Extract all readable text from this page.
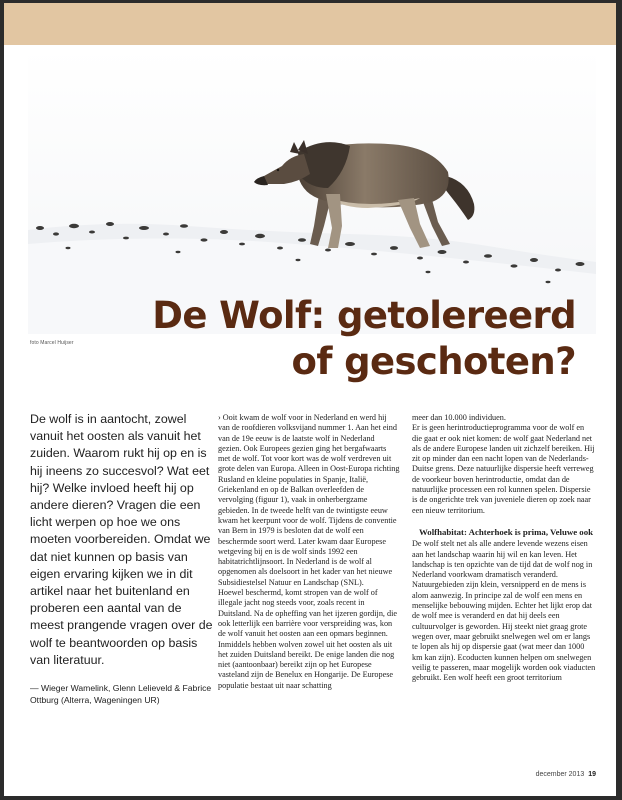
foto Marcel Huijser
De Wolf: getolereerd
of geschoten?

De wolf is in aantocht, zowel vanuit het oosten als vanuit het zuiden. Waarom rukt hij op en is hij ineens zo succesvol? Wat eet hij? Welke invloed heeft hij op andere dieren? Vragen die een licht werpen op hoe we ons moeten voorbereiden. Omdat we dat niet kunnen op basis van eigen ervaring kijken we in dit artikel naar het buitenland en proberen een aantal van de meest prangende vragen over de wolf te beantwoorden op basis van literatuur.

— Wieger Wamelink, Glenn Lelieveld & Fabrice Ottburg (Alterra, Wageningen UR)

› Ooit kwam de wolf voor in Nederland en werd hij van de roofdieren volksvijand nummer 1. Aan het eind van de 19e eeuw is de laatste wolf in Nederland gezien. Ook Europees gezien ging het bergafwaarts met de wolf. Tot voor kort was de wolf verdreven uit grote delen van Europa. Alleen in Oost-Europa richting Rusland en kleine populaties in Spanje, Italië, Griekenland en op de Balkan overleefden de vervolging (figuur 1), vaak in onherbergzame gebieden. In de tweede helft van de twintigste eeuw kwam het keerpunt voor de wolf. Tijdens de conventie van Bern in 1979 is besloten dat de wolf een beschermde soort werd. Later kwam daar Europese wetgeving bij en is de wolf sinds 1992 een habitatrichtlijnsoort. In Nederland is de wolf al opgenomen als doelsoort in het kader van het nieuwe Subsidiestelsel Natuur en Landschap (SNL).

Hoewel beschermd, komt stropen van de wolf of illegale jacht nog steeds voor, zoals recent in Duitsland. Na de opheffing van het ijzeren gordijn, die ook letterlijk een barrière voor verspreiding was, kon de wolf vanuit het oosten aan een opmars beginnen. Inmiddels hebben wolven zowel uit het oosten als uit het zuiden Duitsland bereikt. De enige landen die nog niet (aantoonbaar) bereikt zijn op het Europese vasteland zijn de Benelux en Hongarije. De Europese populatie bestaat uit naar schatting

meer dan 10.000 individuen.

Er is geen herintroductieprogramma voor de wolf en die gaat er ook niet komen: de wolf gaat Nederland net als de andere Europese landen uit zichzelf bereiken. Hij zit op minder dan een nacht lopen van de Nederlands-Duitse grens. Deze natuurlijke dispersie heeft verreweg de voorkeur boven herintroductie, omdat dan de natuurlijke processen een rol kunnen spelen. Dispersie is de ongerichte trek van juveniele dieren op zoek naar een nieuw territorium.

Wolfhabitat: Achterhoek is prima, Veluwe ook

De wolf stelt net als alle andere levende wezens eisen aan het landschap waarin hij wil en kan leven. Het landschap is ten opzichte van de tijd dat de wolf nog in Nederland voorkwam dramatisch veranderd. Natuurgebieden zijn klein, versnipperd en de mens is alom aanwezig. In principe zal de wolf een mens en menselijke bebouwing mijden. Echter het lijkt erop dat de wolf mee is veranderd en dat hij deels een cultuurvolger is geworden. Hij steekt niet graag grote wegen over, maar gebruikt snelwegen wel om er langs te lopen als hij op dispersie gaat (wat meer dan 1000 km kan zijn). Ecoducten kunnen helpen om snelwegen veilig te passeren, maar mogelijk worden ook viaducten gebruikt. Een wolf heeft een groot territorium

december 2013 19
